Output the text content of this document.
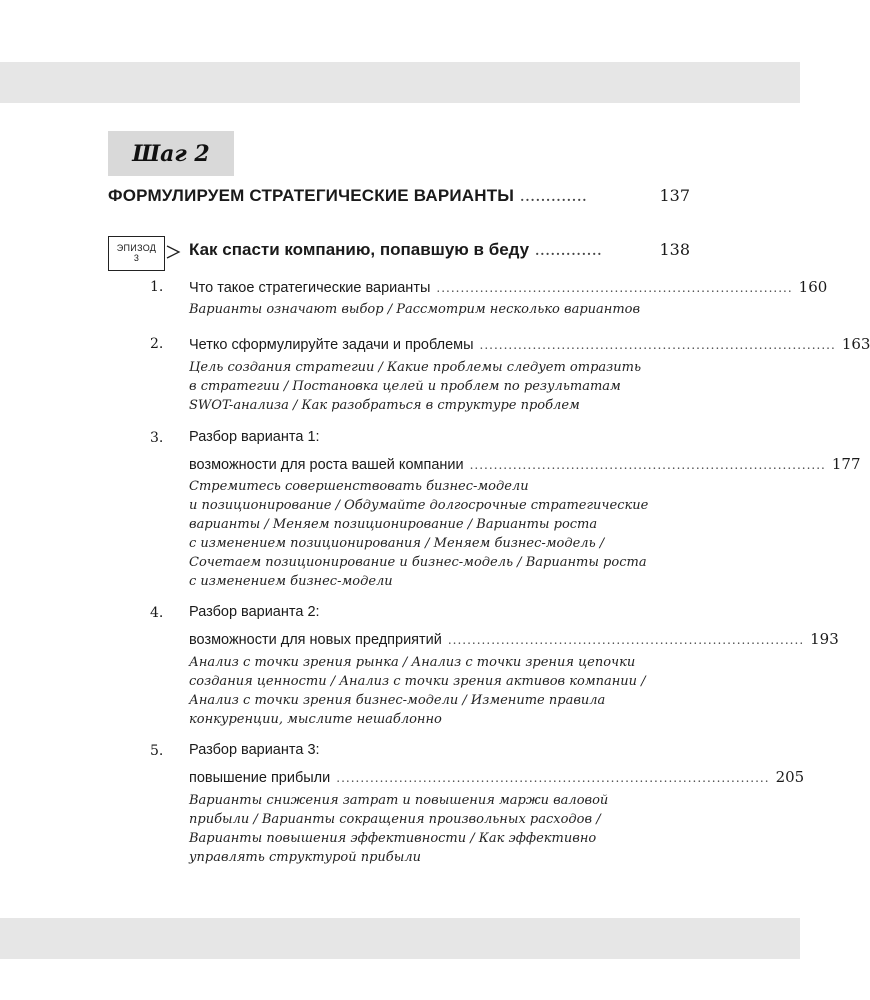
Шаг 2
ФОРМУЛИРУЕМ СТРАТЕГИЧЕСКИЕ ВАРИАНТЫ .............	137
ЭПИЗОД
3	Как спасти компанию, попавшую в беду .............	138
1. Что такое стратегические варианты .......................................................................... 160
Варианты означают выбор / Рассмотрим несколько вариантов
2. Четко сформулируйте задачи и проблемы .......................................................................... 163
Цель создания стратегии / Какие проблемы следует отразить
в стратегии / Постановка целей и проблем по результатам
SWOT-анализа / Как разобраться в структуре проблем
3. Разбор варианта 1:
возможности для роста вашей компании .......................................................................... 177
Стремитесь совершенствовать бизнес-модели
и позиционирование / Обдумайте долгосрочные стратегические
варианты / Меняем позиционирование / Варианты роста
с изменением позиционирования / Меняем бизнес-модель /
Сочетаем позиционирование и бизнес-модель / Варианты роста
с изменением бизнес-модели
4. Разбор варианта 2:
возможности для новых предприятий .......................................................................... 193
Анализ с точки зрения рынка / Анализ с точки зрения цепочки
создания ценности / Анализ с точки зрения активов компании /
Анализ с точки зрения бизнес-модели / Измените правила
конкуренции, мыслите нешаблонно
5. Разбор варианта 3:
повышение прибыли .......................................................................................... 205
Варианты снижения затрат и повышения маржи валовой
прибыли / Варианты сокращения произвольных расходов /
Варианты повышения эффективности / Как эффективно
управлять структурой прибыли
